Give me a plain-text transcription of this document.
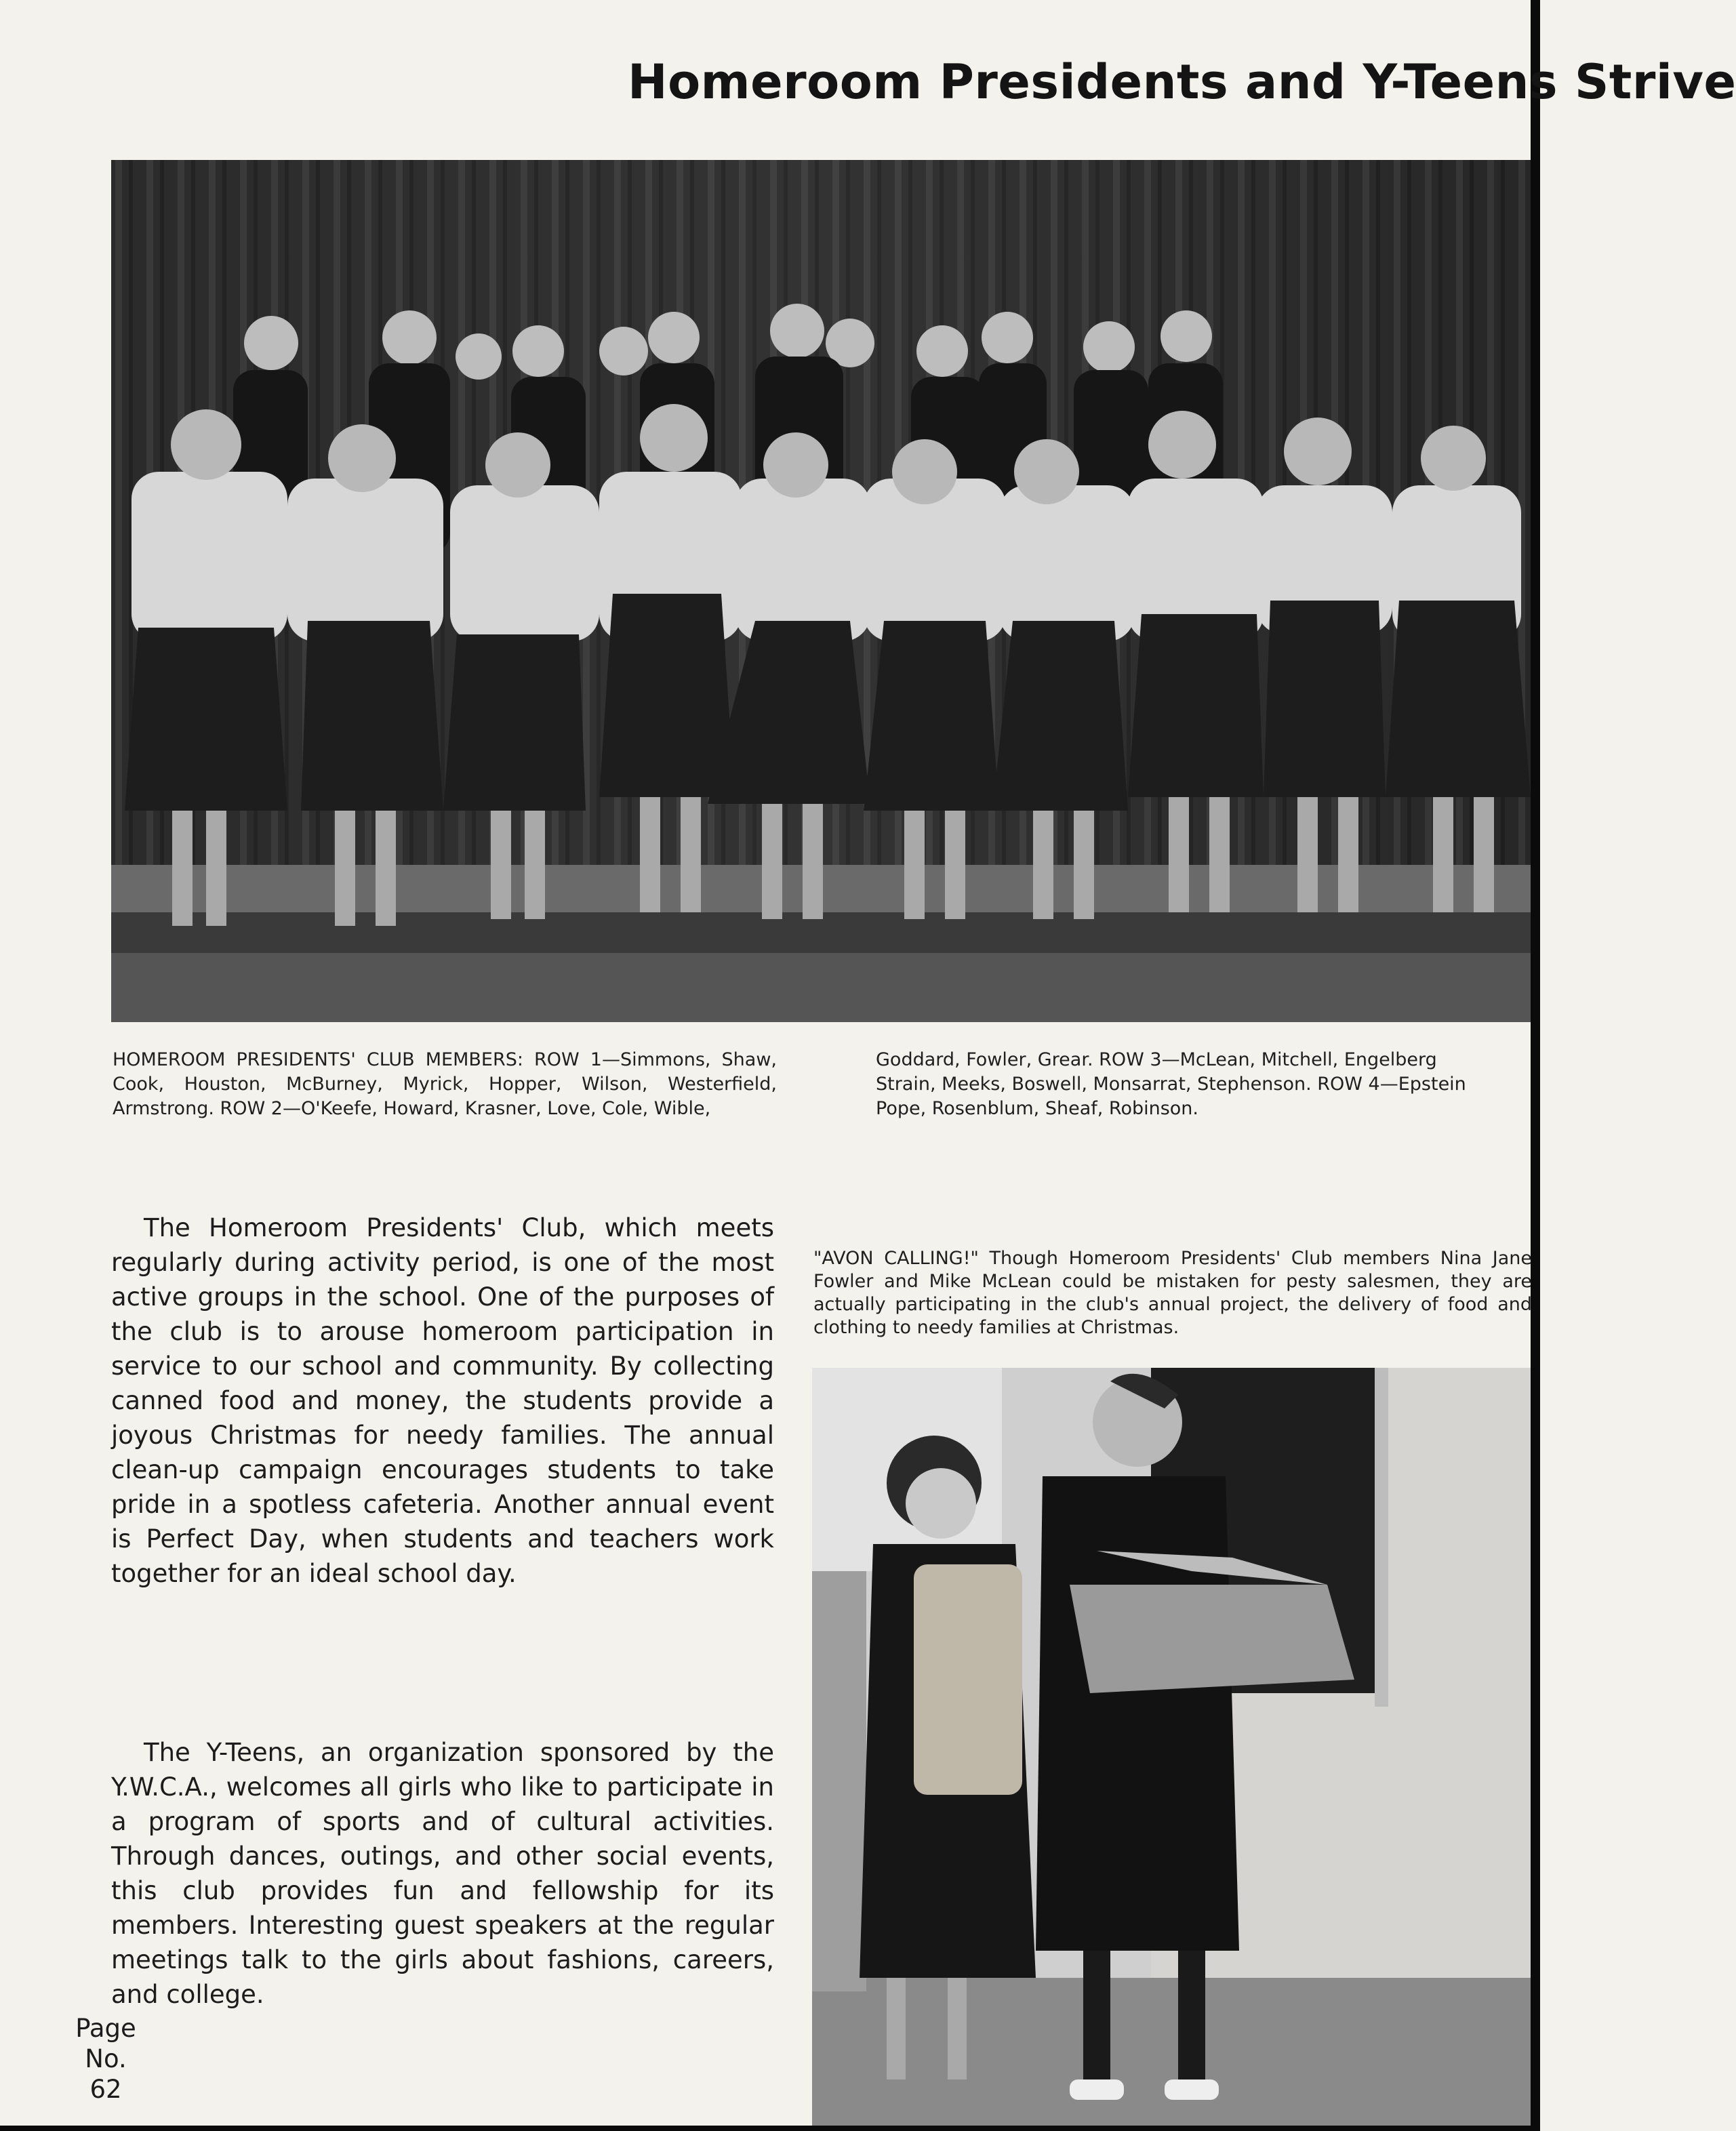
Homeroom Presidents and Y-Teens Strive

HOMEROOM PRESIDENTS' CLUB MEMBERS: ROW 1—Simmons, Shaw, Cook, Houston, McBurney, Myrick, Hopper, Wilson, Westerfield, Armstrong. ROW 2—O'Keefe, Howard, Krasner, Love, Cole, Wible,

Goddard, Fowler, Grear. ROW 3—McLean, Mitchell, Engelberg
Strain, Meeks, Boswell, Monsarrat, Stephenson. ROW 4—Epstein
Pope, Rosenblum, Sheaf, Robinson.

The Homeroom Presidents' Club, which meets regularly during activity period, is one of the most active groups in the school. One of the purposes of the club is to arouse homeroom participation in service to our school and community. By collecting canned food and money, the students provide a joyous Christmas for needy families. The annual clean-up campaign encourages students to take pride in a spotless cafeteria. Another annual event is Perfect Day, when students and teachers work together for an ideal school day.

The Y-Teens, an organization sponsored by the Y.W.C.A., welcomes all girls who like to participate in a program of sports and of cultural activities. Through dances, outings, and other social events, this club provides fun and fellowship for its members. Interesting guest speakers at the regular meetings talk to the girls about fashions, careers, and college.

"AVON CALLING!" Though Homeroom Presidents' Club members Nina Jane Fowler and Mike McLean could be mistaken for pesty salesmen, they are actually participating in the club's annual project, the delivery of food and clothing to needy families at Christmas.

Page
No.
62
